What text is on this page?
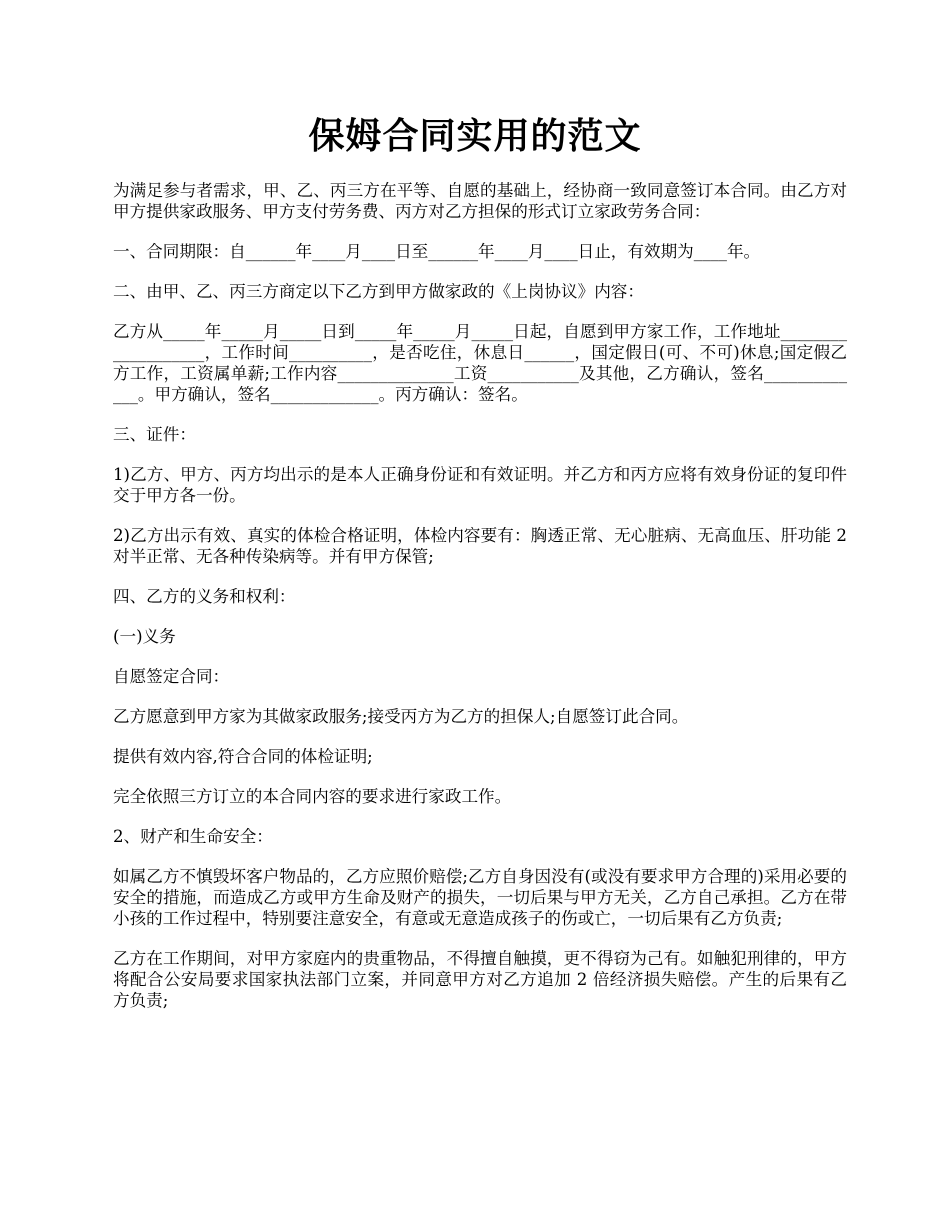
保姆合同实用的范文

为满足参与者需求，甲、乙、丙三方在平等、自愿的基础上，经协商一致同意签订本合同。由乙方对甲方提供家政服务、甲方支付劳务费、丙方对乙方担保的形式订立家政劳务合同：

一、合同期限：自______年____月____日至______年____月____日止，有效期为____年。

二、由甲、乙、丙三方商定以下乙方到甲方做家政的《上岗协议》内容：

乙方从_____年_____月_____日到_____年_____月_____日起，自愿到甲方家工作，工作地址___________________，工作时间__________，是否吃住，休息日______，国定假日(可、不可)休息;国定假乙方工作，工资属单薪;工作内容______________工资___________及其他，乙方确认，签名_____________。甲方确认，签名_____________。丙方确认：签名。

三、证件：

1)乙方、甲方、丙方均出示的是本人正确身份证和有效证明。并乙方和丙方应将有效身份证的复印件交于甲方各一份。

2)乙方出示有效、真实的体检合格证明，体检内容要有：胸透正常、无心脏病、无高血压、肝功能 2 对半正常、无各种传染病等。并有甲方保管;

四、乙方的义务和权利：

(一)义务

自愿签定合同：

乙方愿意到甲方家为其做家政服务;接受丙方为乙方的担保人;自愿签订此合同。

提供有效内容,符合合同的体检证明;

完全依照三方订立的本合同内容的要求进行家政工作。

2、财产和生命安全：

如属乙方不慎毁坏客户物品的，乙方应照价赔偿;乙方自身因没有(或没有要求甲方合理的)采用必要的安全的措施，而造成乙方或甲方生命及财产的损失，一切后果与甲方无关，乙方自己承担。乙方在带小孩的工作过程中，特别要注意安全，有意或无意造成孩子的伤或亡，一切后果有乙方负责;

乙方在工作期间，对甲方家庭内的贵重物品，不得擅自触摸，更不得窃为己有。如触犯刑律的，甲方将配合公安局要求国家执法部门立案，并同意甲方对乙方追加 2 倍经济损失赔偿。产生的后果有乙方负责;
